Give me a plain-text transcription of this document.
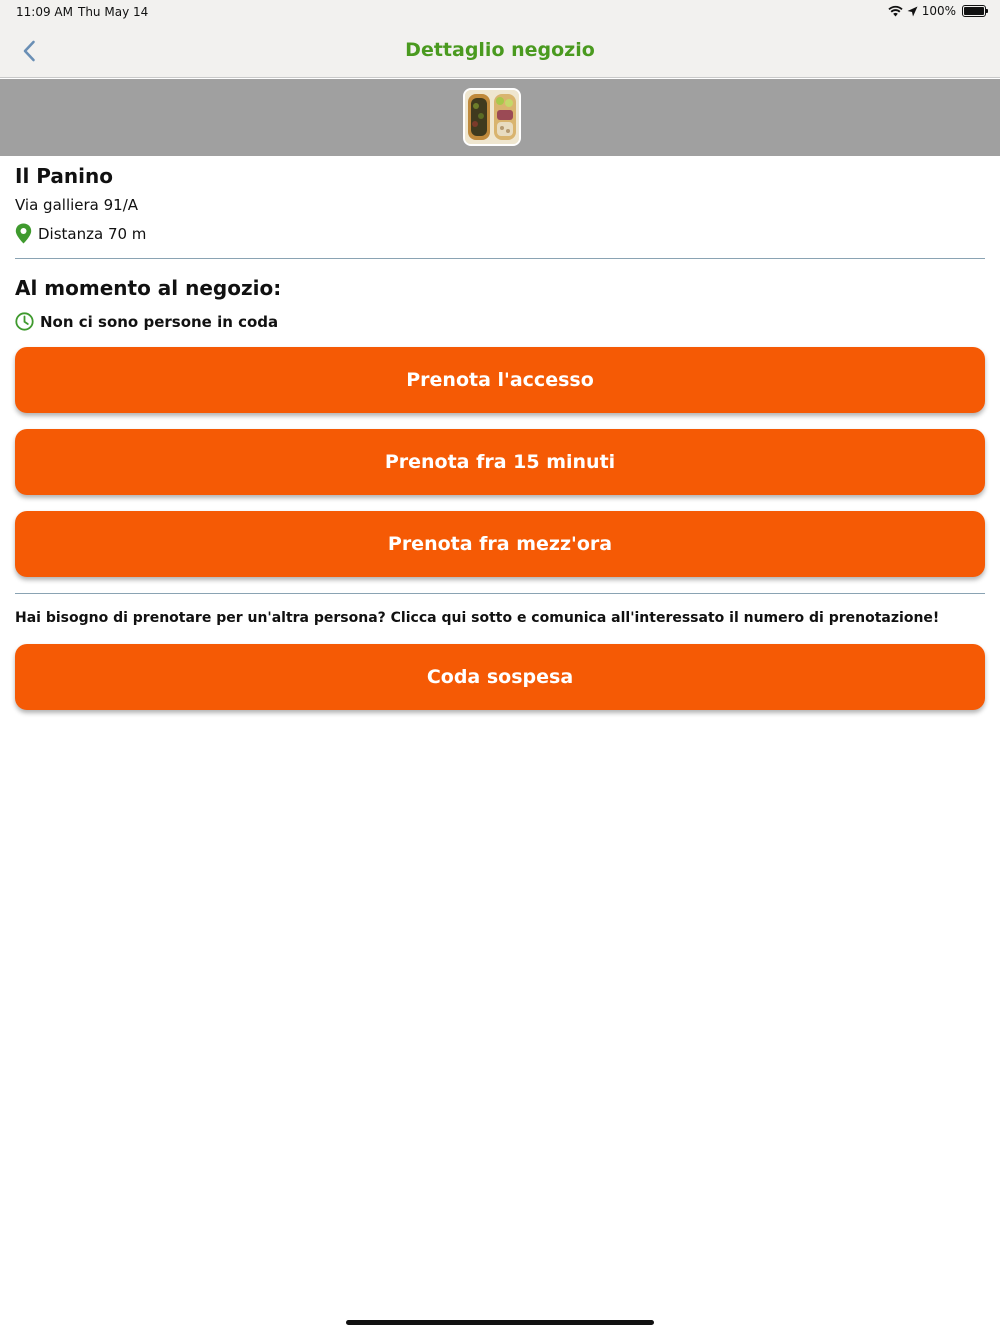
11:09 AM Thu May 14	100%
Dettaglio negozio
Il Panino
Via galliera 91/A
Distanza 70 m
Al momento al negozio:
Non ci sono persone in coda
Prenota l'accesso
Prenota fra 15 minuti
Prenota fra mezz'ora
Hai bisogno di prenotare per un'altra persona? Clicca qui sotto e comunica all'interessato il numero di prenotazione!
Coda sospesa
